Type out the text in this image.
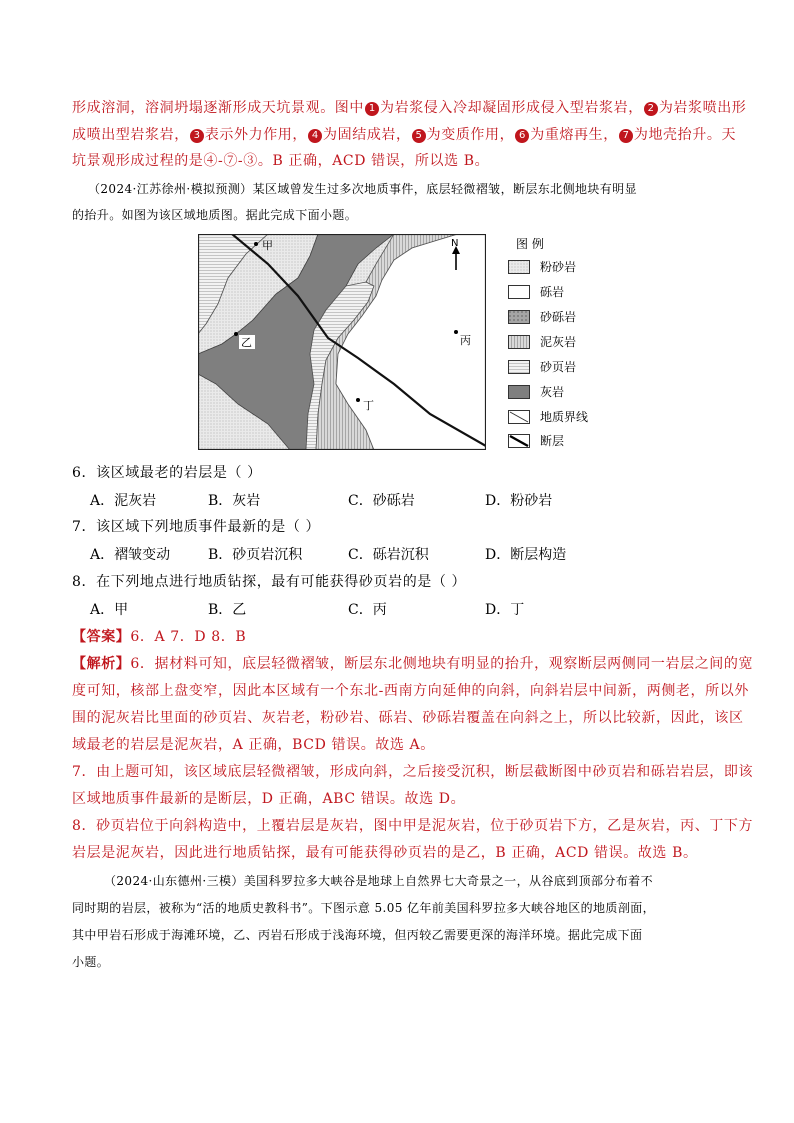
形成溶洞，溶洞坍塌逐渐形成天坑景观。图中 1 为岩浆侵入冷却凝固形成侵入型岩浆岩， 2 为岩浆喷出形
成喷出型岩浆岩， 3 表示外力作用， 4 为固结成岩， 5 为变质作用， 6 为重熔再生， 7 为地壳抬升。天
坑景观形成过程的是④-⑦-③。B 正确，ACD 错误，所以选 B。
（2024·江苏徐州·模拟预测）某区域曾发生过多次地质事件，底层轻微褶皱，断层东北侧地块有明显
的抬升。如图为该区域地质图。据此完成下面小题。
N
甲
乙	丙
丁
图 例
粉砂岩
砾岩
砂砾岩
泥灰岩
砂页岩
灰岩
地质界线
断层
6．该区域最老的岩层是（ ）
A．泥灰岩	B．灰岩	C．砂砾岩	D．粉砂岩
7．该区域下列地质事件最新的是（ ）
A．褶皱变动	B．砂页岩沉积	C．砾岩沉积	D．断层构造
8．在下列地点进行地质钻探，最有可能获得砂页岩的是（ ）
A．甲	B．乙	C．丙	D．丁
【答案】6．A 7．D 8．B
【解析】6．据材料可知，底层轻微褶皱，断层东北侧地块有明显的抬升，观察断层两侧同一岩层之间的宽
度可知，核部上盘变窄，因此本区域有一个东北-西南方向延伸的向斜，向斜岩层中间新，两侧老，所以外
围的泥灰岩比里面的砂页岩、灰岩老，粉砂岩、砾岩、砂砾岩覆盖在向斜之上，所以比较新，因此，该区
域最老的岩层是泥灰岩，A 正确，BCD 错误。故选 A。
7．由上题可知，该区域底层轻微褶皱，形成向斜，之后接受沉积，断层截断图中砂页岩和砾岩岩层，即该
区域地质事件最新的是断层，D 正确，ABC 错误。故选 D。
8．砂页岩位于向斜构造中，上覆岩层是灰岩，图中甲是泥灰岩，位于砂页岩下方，乙是灰岩，丙、丁下方
岩层是泥灰岩，因此进行地质钻探，最有可能获得砂页岩的是乙，B 正确，ACD 错误。故选 B。
（2024·山东德州·三模）美国科罗拉多大峡谷是地球上自然界七大奇景之一，从谷底到顶部分布着不
同时期的岩层，被称为“活的地质史教科书”。下图示意 5.05 亿年前美国科罗拉多大峡谷地区的地质剖面，
其中甲岩石形成于海滩环境，乙、丙岩石形成于浅海环境，但丙较乙需要更深的海洋环境。据此完成下面
小题。
